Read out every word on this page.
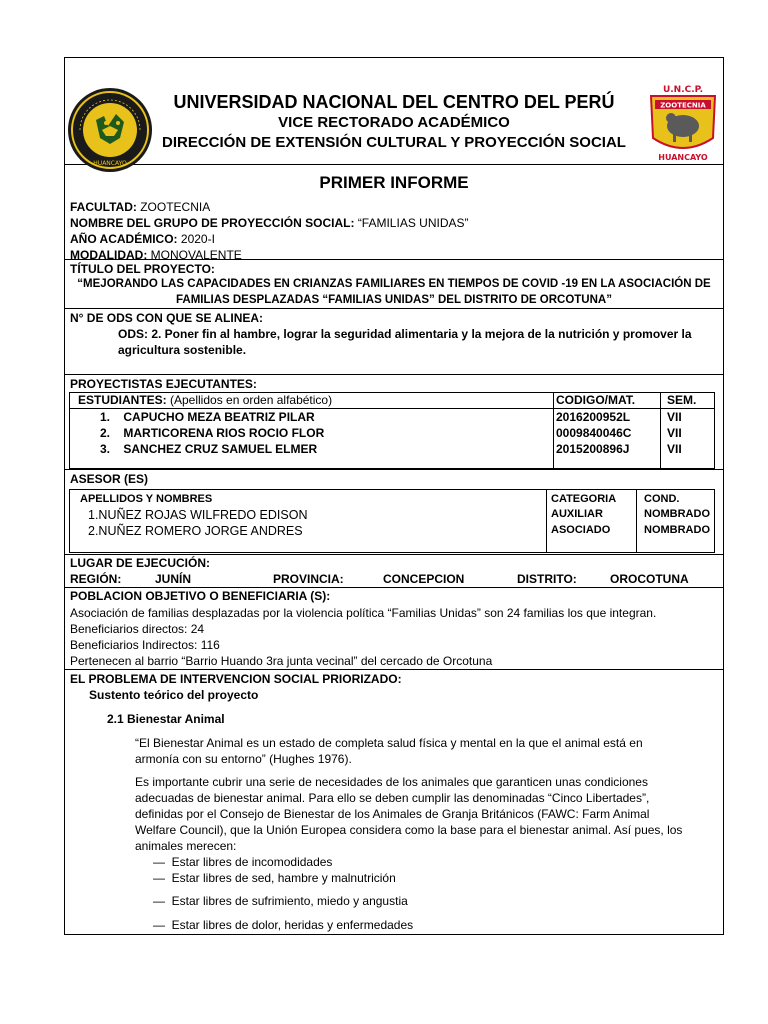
HUANCAYO
UNIVERSIDAD NACIONAL DEL CENTRO DEL PERÚ
VICE RECTORADO ACADÉMICO
DIRECCIÓN DE EXTENSIÓN CULTURAL Y PROYECCIÓN SOCIAL
U.N.C.P.
ZOOTECNIA
HUANCAYO
PRIMER INFORME
FACULTAD: ZOOTECNIA
NOMBRE DEL GRUPO DE PROYECCIÓN SOCIAL: “FAMILIAS UNIDAS”
AÑO ACADÉMICO: 2020-I
MODALIDAD: MONOVALENTE
TÍTULO DEL PROYECTO:
“MEJORANDO LAS CAPACIDADES EN CRIANZAS FAMILIARES EN TIEMPOS DE COVID -19 EN LA ASOCIACIÓN DE
FAMILIAS DESPLAZADAS “FAMILIAS UNIDAS” DEL DISTRITO DE ORCOTUNA”
N° DE ODS CON QUE SE ALINEA:
ODS: 2. Poner fin al hambre, lograr la seguridad alimentaria y la mejora de la nutrición y promover la
agricultura sostenible.
PROYECTISTAS EJECUTANTES:
ESTUDIANTES: (Apellidos en orden alfabético)	CODIGO/MAT.	SEM.
1. CAPUCHO MEZA BEATRIZ PILAR	2016200952L	VII
2. MARTICORENA RIOS ROCIO FLOR	0009840046C	VII
3. SANCHEZ CRUZ SAMUEL ELMER	2015200896J	VII
ASESOR (ES)
APELLIDOS Y NOMBRES	CATEGORIA	COND.
1.NUÑEZ ROJAS WILFREDO EDISON	AUXILIAR	NOMBRADO
2.NUÑEZ ROMERO JORGE ANDRES	ASOCIADO	NOMBRADO
LUGAR DE EJECUCIÓN:
REGIÓN:	JUNÍN	PROVINCIA:	CONCEPCION	DISTRITO:	OROCOTUNA
POBLACION OBJETIVO O BENEFICIARIA (S):
Asociación de familias desplazadas por la violencia política “Familias Unidas” son 24 familias los que integran.
Beneficiarios directos: 24
Beneficiarios Indirectos: 116
Pertenecen al barrio “Barrio Huando 3ra junta vecinal” del cercado de Orcotuna
EL PROBLEMA DE INTERVENCION SOCIAL PRIORIZADO:
Sustento teórico del proyecto
2.1 Bienestar Animal
“El Bienestar Animal es un estado de completa salud física y mental en la que el animal está en
armonía con su entorno” (Hughes 1976).
Es importante cubrir una serie de necesidades de los animales que garanticen unas condiciones
adecuadas de bienestar animal. Para ello se deben cumplir las denominadas “Cinco Libertades”,
definidas por el Consejo de Bienestar de los Animales de Granja Británicos (FAWC: Farm Animal
Welfare Council), que la Unión Europea considera como la base para el bienestar animal. Así pues, los
animales merecen:
— Estar libres de incomodidades
— Estar libres de sed, hambre y malnutrición
— Estar libres de sufrimiento, miedo y angustia
— Estar libres de dolor, heridas y enfermedades
